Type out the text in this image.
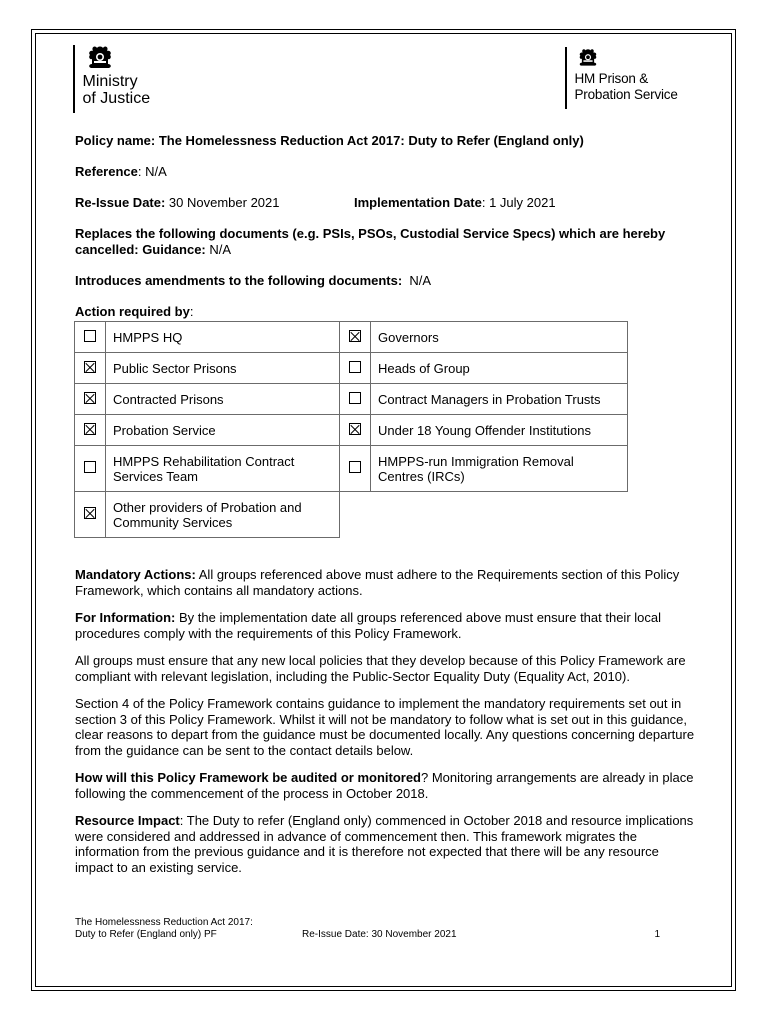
Ministry
of Justice
HM Prison &
Probation Service

Policy name: The Homelessness Reduction Act 2017: Duty to Refer (England only)

Reference: N/A

Re-Issue Date: 30 November 2021	Implementation Date: 1 July 2021

Replaces the following documents (e.g. PSIs, PSOs, Custodial Service Specs) which are hereby cancelled: Guidance: N/A

Introduces amendments to the following documents:  N/A

Action required by:

	HMPPS HQ		Governors
	Public Sector Prisons		Heads of Group
	Contracted Prisons		Contract Managers in Probation Trusts
	Probation Service		Under 18 Young Offender Institutions
	HMPPS Rehabilitation Contract Services Team		HMPPS-run Immigration Removal Centres (IRCs)
	Other providers of Probation and Community Services		

Mandatory Actions: All groups referenced above must adhere to the Requirements section of this Policy Framework, which contains all mandatory actions.

For Information: By the implementation date all groups referenced above must ensure that their local procedures comply with the requirements of this Policy Framework.

All groups must ensure that any new local policies that they develop because of this Policy Framework are compliant with relevant legislation, including the Public-Sector Equality Duty (Equality Act, 2010).

Section 4 of the Policy Framework contains guidance to implement the mandatory requirements set out in section 3 of this Policy Framework. Whilst it will not be mandatory to follow what is set out in this guidance, clear reasons to depart from the guidance must be documented locally. Any questions concerning departure from the guidance can be sent to the contact details below.

How will this Policy Framework be audited or monitored? Monitoring arrangements are already in place following the commencement of the process in October 2018.

Resource Impact: The Duty to refer (England only) commenced in October 2018 and resource implications were considered and addressed in advance of commencement then. This framework migrates the information from the previous guidance and it is therefore not expected that there will be any resource impact to an existing service.

The Homelessness Reduction Act 2017:
Duty to Refer (England only) PF	Re-Issue Date: 30 November 2021	1
